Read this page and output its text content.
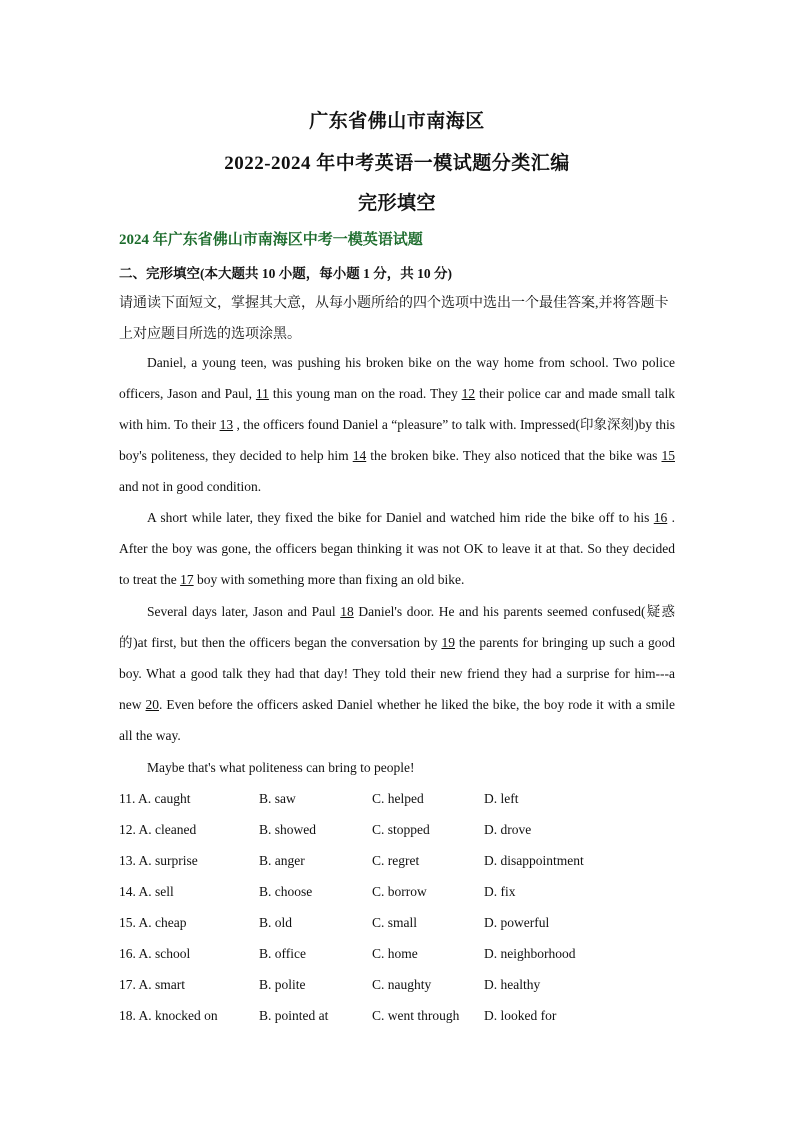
广东省佛山市南海区
2022-2024 年中考英语一模试题分类汇编
完形填空
2024 年广东省佛山市南海区中考一模英语试题
二、完形填空(本大题共 10 小题，每小题 1 分，共 10 分)
请通读下面短文，掌握其大意，从每小题所给的四个选项中选出一个最佳答案,并将答题卡上对应题目所选的选项涂黑。
Daniel, a young teen, was pushing his broken bike on the way home from school. Two police officers, Jason and Paul, 11 this young man on the road. They 12 their police car and made small talk with him. To their 13 , the officers found Daniel a “pleasure” to talk with. Impressed(印象深刻)by this boy's politeness, they decided to help him 14 the broken bike. They also noticed that the bike was 15 and not in good condition.
A short while later, they fixed the bike for Daniel and watched him ride the bike off to his 16 . After the boy was gone, the officers began thinking it was not OK to leave it at that. So they decided to treat the 17 boy with something more than fixing an old bike.
Several days later, Jason and Paul 18 Daniel's door. He and his parents seemed confused(疑惑的)at first, but then the officers began the conversation by 19 the parents for bringing up such a good boy. What a good talk they had that day! They told their new friend they had a surprise for him---a new 20. Even before the officers asked Daniel whether he liked the bike, the boy rode it with a smile all the way.
Maybe that's what politeness can bring to people!
11. A. caught	B. saw	C. helped	D. left
12. A. cleaned	B. showed	C. stopped	D. drove
13. A. surprise	B. anger	C. regret	D. disappointment
14. A. sell	B. choose	C. borrow	D. fix
15. A. cheap	B. old	C. small	D. powerful
16. A. school	B. office	C. home	D. neighborhood
17. A. smart	B. polite	C. naughty	D. healthy
18. A. knocked on	B. pointed at	C. went through D. looked for
